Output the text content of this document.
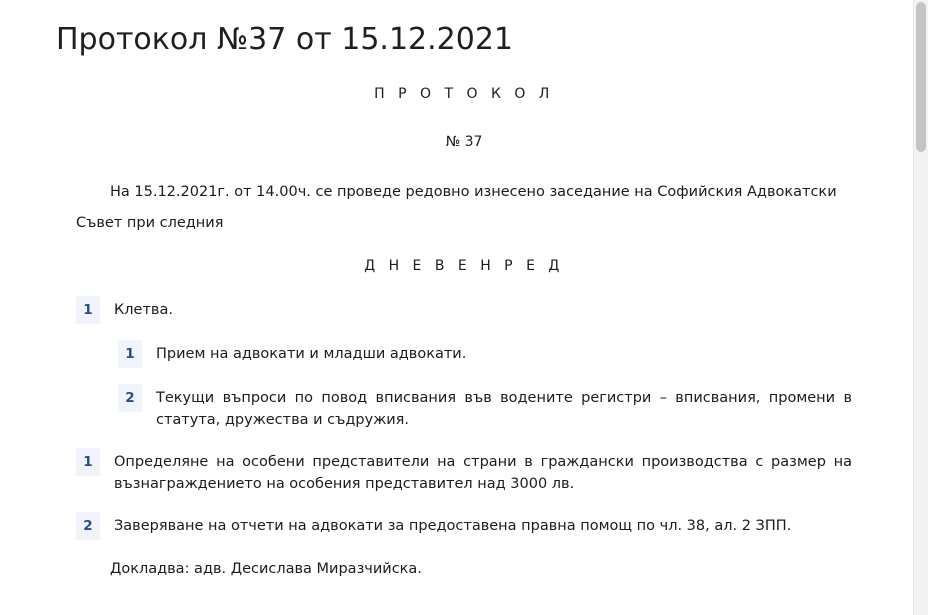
Протокол №37 от 15.12.2021
П Р О Т О К О Л
№ 37

На 15.12.2021г. от 14.00ч. се проведе редовно изнесено заседание на Софийския Адвокатски

Съвет при следния

Д Н Е В Е Н Р Е Д
1	Клетва.
1	Прием на адвокати и младши адвокати.
2	Текущи въпроси по повод вписвания във водените регистри – вписвания, промени в статута, дружества и съдружия.
1	Определяне на особени представители на страни в граждански производства с размер на възнаграждението на особения представител над 3000 лв.
2	Заверяване на отчети на адвокати за предоставена правна помощ по чл. 38, ал. 2 ЗПП.
Докладва: адв. Десислава Миразчийска.
